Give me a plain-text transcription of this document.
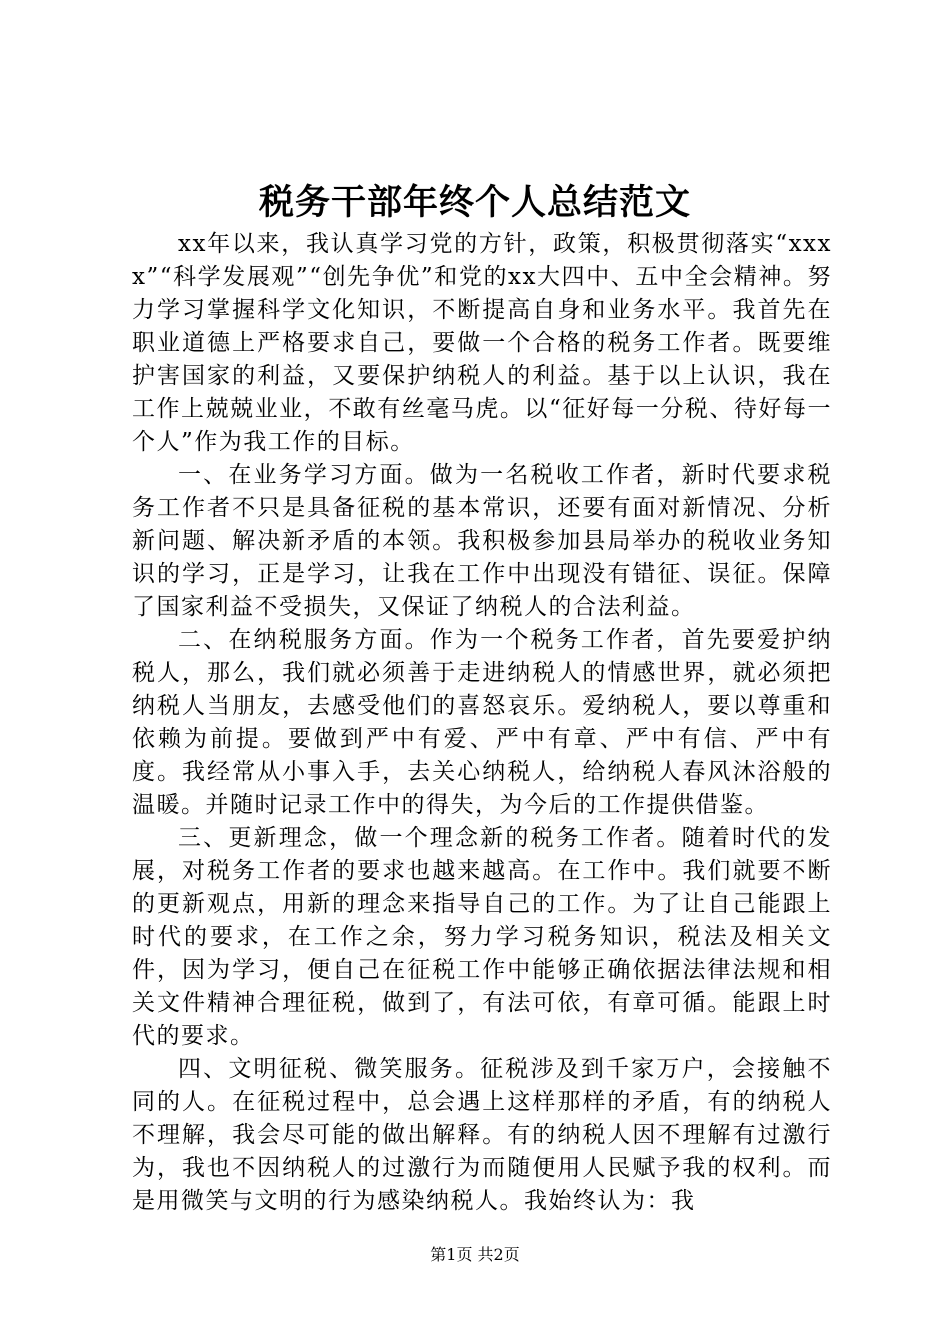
税务干部年终个人总结范文

xx年以来，我认真学习党的方针，政策，积极贯彻落实“xxxx”“科学发展观”“创先争优”和党的xx大四中、五中全会精神。努力学习掌握科学文化知识，不断提高自身和业务水平。我首先在职业道德上严格要求自己，要做一个合格的税务工作者。既要维护害国家的利益，又要保护纳税人的利益。基于以上认识，我在工作上兢兢业业，不敢有丝毫马虎。以“征好每一分税、待好每一个人”作为我工作的目标。

一、在业务学习方面。做为一名税收工作者，新时代要求税务工作者不只是具备征税的基本常识，还要有面对新情况、分析新问题、解决新矛盾的本领。我积极参加县局举办的税收业务知识的学习，正是学习，让我在工作中出现没有错征、误征。保障了国家利益不受损失，又保证了纳税人的合法利益。

二、在纳税服务方面。作为一个税务工作者，首先要爱护纳税人，那么，我们就必须善于走进纳税人的情感世界，就必须把纳税人当朋友，去感受他们的喜怒哀乐。爱纳税人，要以尊重和依赖为前提。要做到严中有爱、严中有章、严中有信、严中有度。我经常从小事入手，去关心纳税人，给纳税人春风沐浴般的温暖。并随时记录工作中的得失，为今后的工作提供借鉴。

三、更新理念，做一个理念新的税务工作者。随着时代的发展，对税务工作者的要求也越来越高。在工作中。我们就要不断的更新观点，用新的理念来指导自己的工作。为了让自己能跟上时代的要求，在工作之余，努力学习税务知识，税法及相关文件，因为学习，便自己在征税工作中能够正确依据法律法规和相关文件精神合理征税，做到了，有法可依，有章可循。能跟上时代的要求。

四、文明征税、微笑服务。征税涉及到千家万户，会接触不同的人。在征税过程中，总会遇上这样那样的矛盾，有的纳税人不理解，我会尽可能的做出解释。有的纳税人因不理解有过激行为，我也不因纳税人的过激行为而随便用人民赋予我的权利。而是用微笑与文明的行为感染纳税人。我始终认为：我

第1页 共2页
